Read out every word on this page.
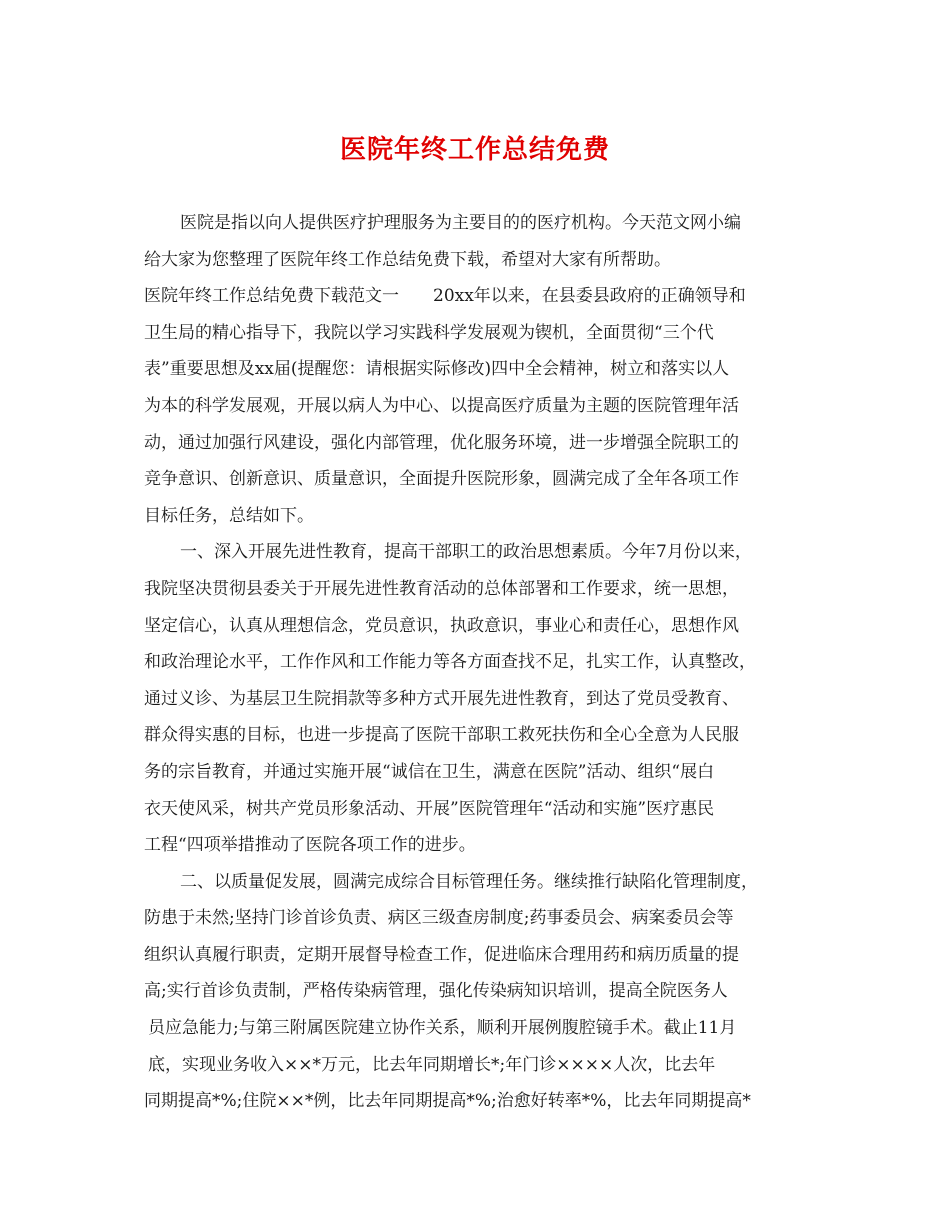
医院年终工作总结免费

医院是指以向人提供医疗护理服务为主要目的的医疗机构。今天范文网小编

给大家为您整理了医院年终工作总结免费下载，希望对大家有所帮助。

医院年终工作总结免费下载范文一　　20xx年以来，在县委县政府的正确领导和

卫生局的精心指导下，我院以学习实践科学发展观为锲机，全面贯彻“三个代

表”重要思想及xx届(提醒您：请根据实际修改)四中全会精神，树立和落实以人

为本的科学发展观，开展以病人为中心、以提高医疗质量为主题的医院管理年活

动，通过加强行风建设，强化内部管理，优化服务环境，进一步增强全院职工的

竞争意识、创新意识、质量意识，全面提升医院形象，圆满完成了全年各项工作

目标任务，总结如下。

一、深入开展先进性教育，提高干部职工的政治思想素质。今年7月份以来，

我院坚决贯彻县委关于开展先进性教育活动的总体部署和工作要求，统一思想，

坚定信心，认真从理想信念，党员意识，执政意识，事业心和责任心，思想作风

和政治理论水平，工作作风和工作能力等各方面查找不足，扎实工作，认真整改，

通过义诊、为基层卫生院捐款等多种方式开展先进性教育，到达了党员受教育、

群众得实惠的目标，也进一步提高了医院干部职工救死扶伤和全心全意为人民服

务的宗旨教育，并通过实施开展“诚信在卫生，满意在医院”活动、组织“展白

衣天使风采，树共产党员形象活动、开展”医院管理年“活动和实施”医疗惠民

工程“四项举措推动了医院各项工作的进步。

二、以质量促发展，圆满完成综合目标管理任务。继续推行缺陷化管理制度，

防患于未然;坚持门诊首诊负责、病区三级查房制度;药事委员会、病案委员会等

组织认真履行职责，定期开展督导检查工作，促进临床合理用药和病历质量的提

高;实行首诊负责制，严格传染病管理，强化传染病知识培训，提高全院医务人

员应急能力;与第三附属医院建立协作关系，顺利开展例腹腔镜手术。截止11月

底，实现业务收入××*万元，比去年同期增长*;年门诊××××人次，比去年

同期提高*%;住院××*例，比去年同期提高*%;治愈好转率*%，比去年同期提高*
